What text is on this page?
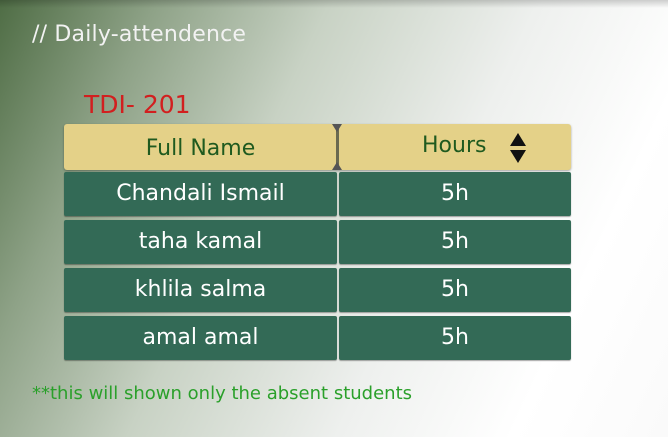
// Daily-attendence
TDI- 201
Full Name	Hours
Chandali Ismail	5h
taha kamal	5h
khlila salma	5h
amal amal	5h
**this will shown only the absent students
